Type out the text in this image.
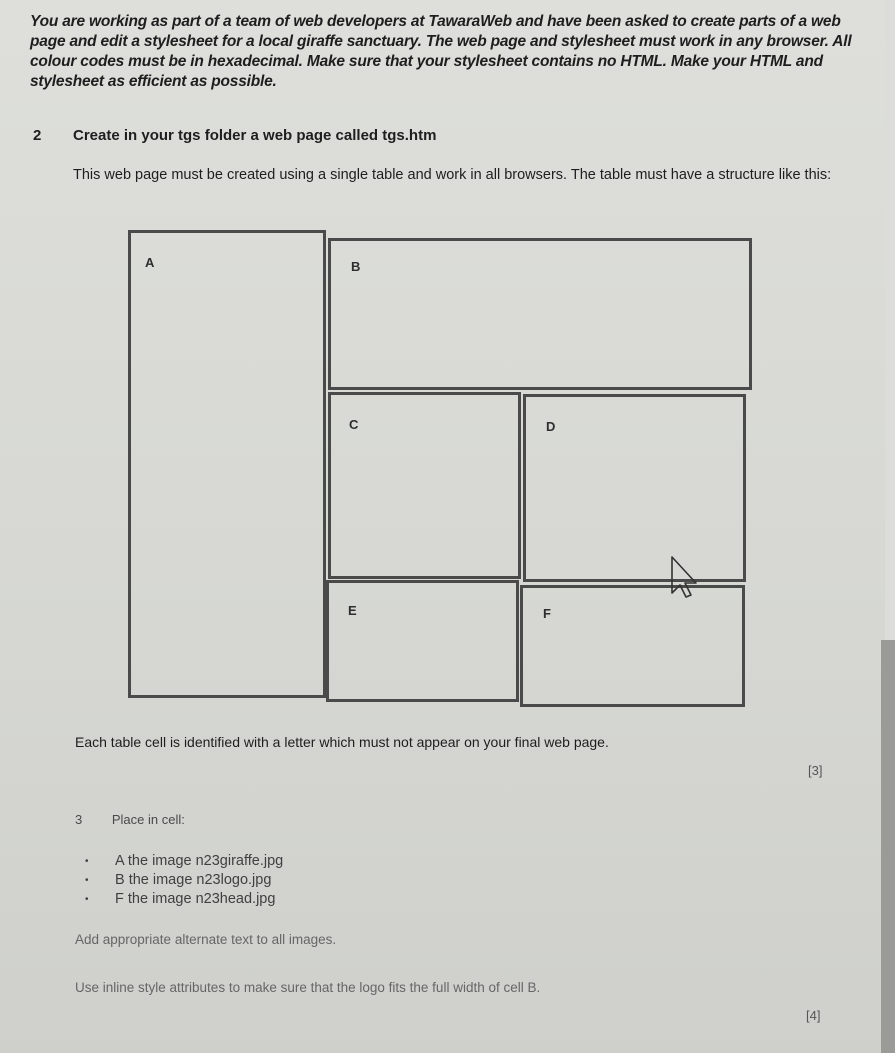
You are working as part of a team of web developers at TawaraWeb and have been asked to create parts of a web page and edit a stylesheet for a local giraffe sanctuary. The web page and stylesheet must work in any browser. All colour codes must be in hexadecimal. Make sure that your stylesheet contains no HTML. Make your HTML and stylesheet as efficient as possible.
2 Create in your tgs folder a web page called tgs.htm
This web page must be created using a single table and work in all browsers. The table must have a structure like this:
A	B
C	D
E	F
Each table cell is identified with a letter which must not appear on your final web page.
[3]
3 Place in cell:
• A the image n23giraffe.jpg
• B the image n23logo.jpg
• F the image n23head.jpg
Add appropriate alternate text to all images.
Use inline style attributes to make sure that the logo fits the full width of cell B.
[4]
